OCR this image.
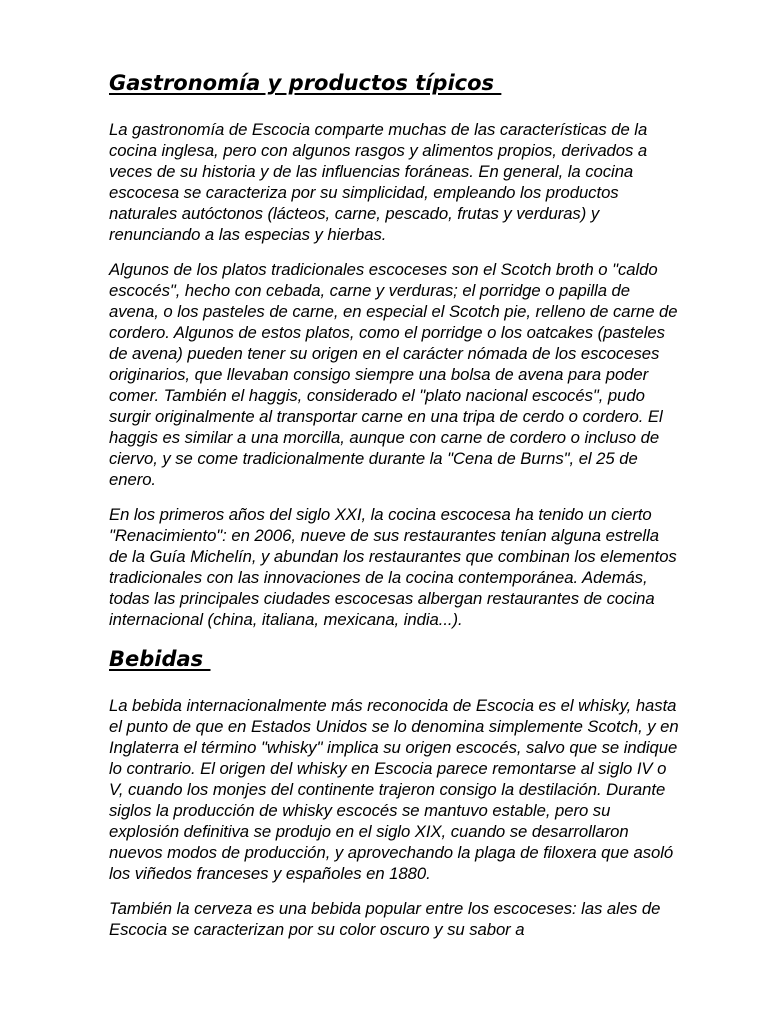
Gastronomía y productos típicos

La gastronomía de Escocia comparte muchas de las características de la cocina inglesa, pero con algunos rasgos y alimentos propios, derivados a veces de su historia y de las influencias foráneas. En general, la cocina escocesa se caracteriza por su simplicidad, empleando los productos naturales autóctonos (lácteos, carne, pescado, frutas y verduras) y renunciando a las especias y hierbas.

Algunos de los platos tradicionales escoceses son el Scotch broth o "caldo escocés", hecho con cebada, carne y verduras; el porridge o papilla de avena, o los pasteles de carne, en especial el Scotch pie, relleno de carne de cordero. Algunos de estos platos, como el porridge o los oatcakes (pasteles de avena) pueden tener su origen en el carácter nómada de los escoceses originarios, que llevaban consigo siempre una bolsa de avena para poder comer. También el haggis, considerado el "plato nacional escocés", pudo surgir originalmente al transportar carne en una tripa de cerdo o cordero. El haggis es similar a una morcilla, aunque con carne de cordero o incluso de ciervo, y se come tradicionalmente durante la "Cena de Burns", el 25 de enero.

En los primeros años del siglo XXI, la cocina escocesa ha tenido un cierto "Renacimiento": en 2006, nueve de sus restaurantes tenían alguna estrella de la Guía Michelín, y abundan los restaurantes que combinan los elementos tradicionales con las innovaciones de la cocina contemporánea. Además, todas las principales ciudades escocesas albergan restaurantes de cocina internacional (china, italiana, mexicana, india...).

Bebidas

La bebida internacionalmente más reconocida de Escocia es el whisky, hasta el punto de que en Estados Unidos se lo denomina simplemente Scotch, y en Inglaterra el término "whisky" implica su origen escocés, salvo que se indique lo contrario. El origen del whisky en Escocia parece remontarse al siglo IV o V, cuando los monjes del continente trajeron consigo la destilación. Durante siglos la producción de whisky escocés se mantuvo estable, pero su explosión definitiva se produjo en el siglo XIX, cuando se desarrollaron nuevos modos de producción, y aprovechando la plaga de filoxera que asoló los viñedos franceses y españoles en 1880.

También la cerveza es una bebida popular entre los escoceses: las ales de Escocia se caracterizan por su color oscuro y su sabor a
